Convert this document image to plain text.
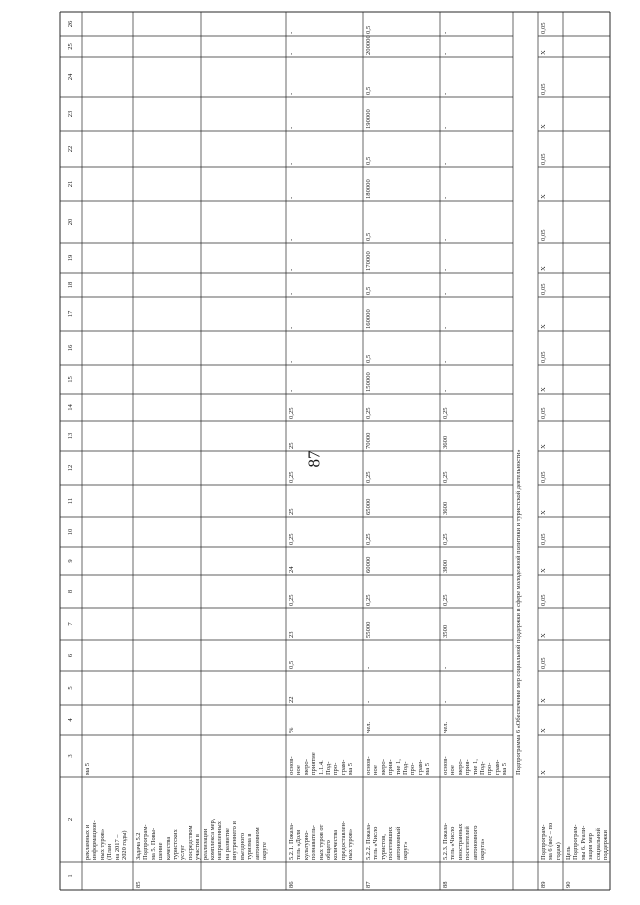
87
1
2
3
4
5
6
7
8
9
10
11
12
13
14
15
16
17
18
19
20
21
22
23
24
25
26
рекламных и
информацион-
ных туров»
(План
на 2017 –
2020 годы)
ма 5
85
Задача 5.2
Подпрограм-
ма 5. Повы-
шение
качества
туристских
услуг
посредством
участия в
реализации
комплекса мер,
направленных
на развитие
внутреннего и
въездного
туризма в
автономном
округе
86
5.2.1. Показа-
тель «Доля
культурно-
познаватель-
ных туров от
общего
количества
предоставлен-
ных туров»
основ-
ное
меро-
приятие
1.1.4.
Под-
про-
грам-
ма 5
%
22
0,5
23
0,25
24
0,25
25
0,25
25
0,25
-
-
-
-
-
-
-
-
-
-
-
-
87
5.2.2. Показа-
тель «Число
туристов,
посетивших
автономный
округ»
основ-
ное
меро-
прия-
тие 1,
Под-
про-
грам-
ма 5
чел.
-
-
55000
0,25
60000
0,25
65000
0,25
70000
0,25
150000
0,5
160000
0,5
170000
0,5
180000
0,5
190000
0,5
200000
0,5
88
5.2.3. Показа-
тель «Число
иностранных
посетителей
автономного
округа»
основ-
ное
меро-
прия-
тие 1,
Под-
про-
грам-
ма 5
чел.
-
-
3500
0,25
3800
0,25
3600
0,25
3600
0,25
-
-
-
-
-
-
-
-
-
-
-
-
89
Подпрограм-
ма 6 (вес – по
годам)
X
X
X
0,05
X
0,05
X
0,05
X
0,05
X
0,05
X
0,05
X
0,05
X
0,05
X
0,05
X
0,05
X
0,05
90
Цель
Подпрограм-
мы 6. Реали-
зация мер
социальной
поддержки
Подпрограмма 6 «Обеспечение мер социальной поддержки в сфере молодежной политики и туристской деятельности»
